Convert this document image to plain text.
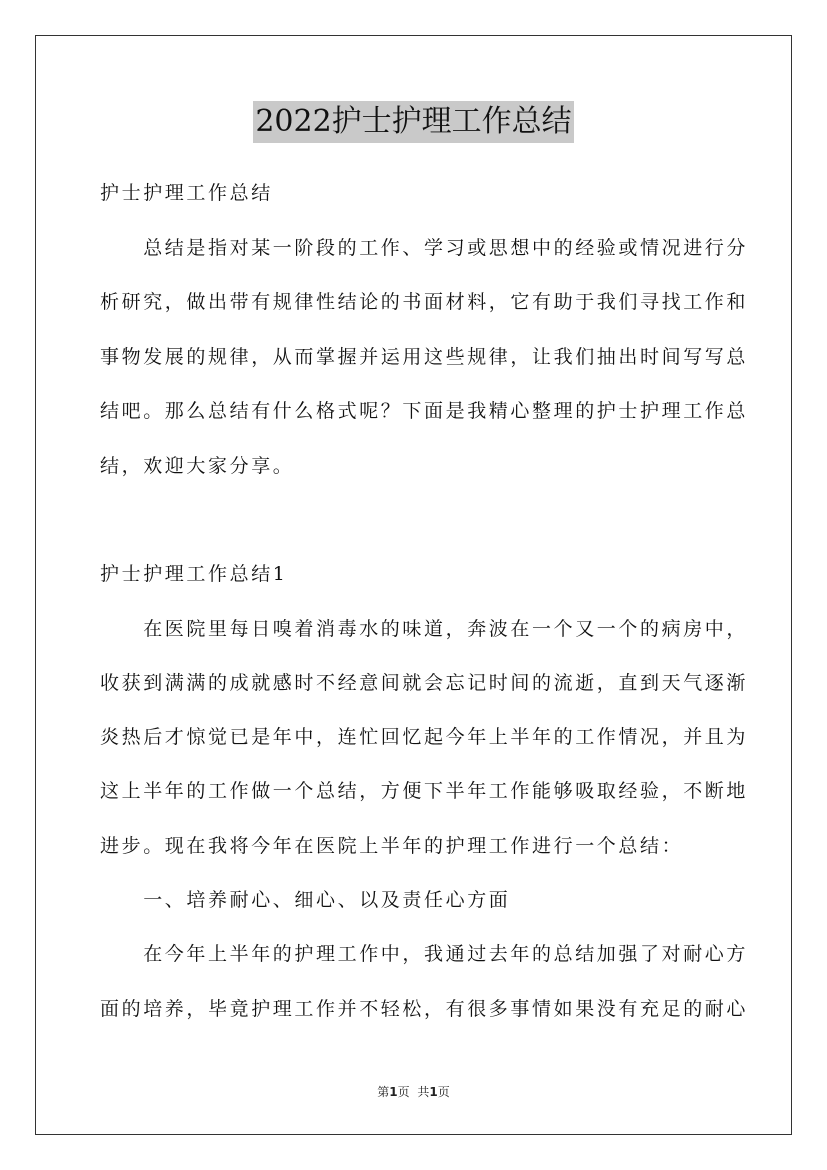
2022护士护理工作总结
护士护理工作总结
　　总结是指对某一阶段的工作、学习或思想中的经验或情况进行分
析研究，做出带有规律性结论的书面材料，它有助于我们寻找工作和
事物发展的规律，从而掌握并运用这些规律，让我们抽出时间写写总
结吧。那么总结有什么格式呢？下面是我精心整理的护士护理工作总
结，欢迎大家分享。
护士护理工作总结1
　　在医院里每日嗅着消毒水的味道，奔波在一个又一个的病房中，
收获到满满的成就感时不经意间就会忘记时间的流逝，直到天气逐渐
炎热后才惊觉已是年中，连忙回忆起今年上半年的工作情况，并且为
这上半年的工作做一个总结，方便下半年工作能够吸取经验，不断地
进步。现在我将今年在医院上半年的护理工作进行一个总结：
　　一、培养耐心、细心、以及责任心方面
　　在今年上半年的护理工作中，我通过去年的总结加强了对耐心方
面的培养，毕竟护理工作并不轻松，有很多事情如果没有充足的耐心
第1页 共1页
